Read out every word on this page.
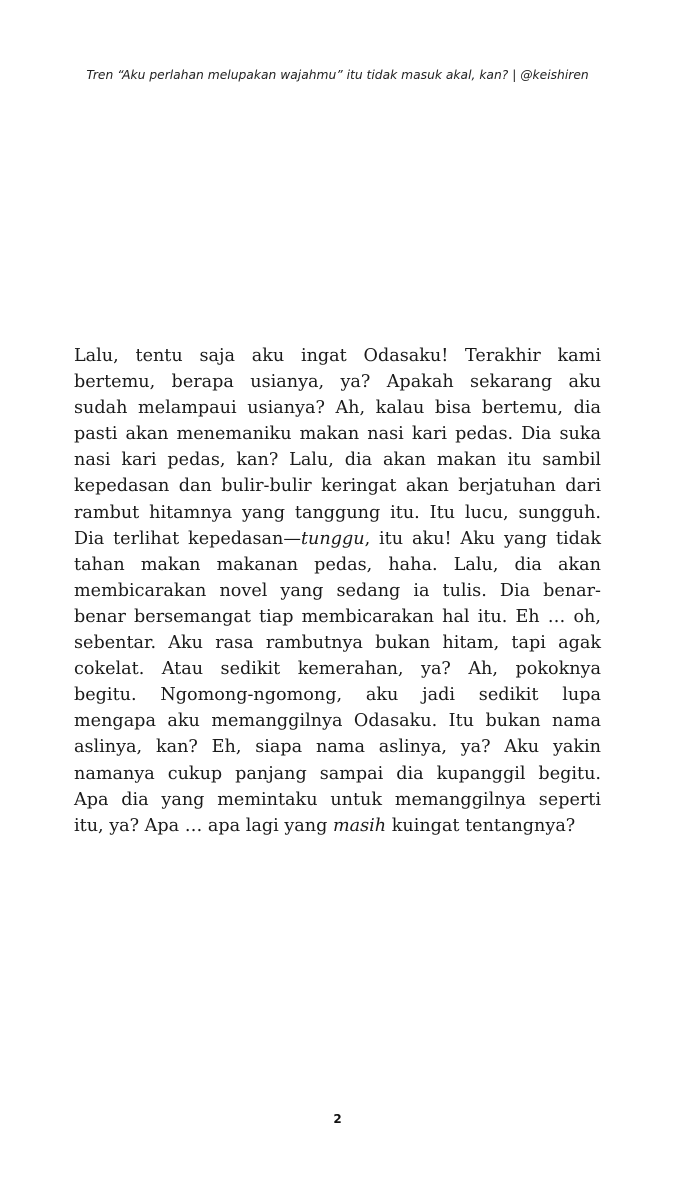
Tren “Aku perlahan melupakan wajahmu” itu tidak masuk akal, kan? | @keishiren
Lalu, tentu saja aku ingat Odasaku! Terakhir kami
bertemu, berapa usianya, ya? Apakah sekarang aku
sudah melampaui usianya? Ah, kalau bisa bertemu, dia
pasti akan menemaniku makan nasi kari pedas. Dia suka
nasi kari pedas, kan? Lalu, dia akan makan itu sambil
kepedasan dan bulir-bulir keringat akan berjatuhan dari
rambut hitamnya yang tanggung itu. Itu lucu, sungguh.
Dia terlihat kepedasan—tunggu, itu aku! Aku yang tidak
tahan makan makanan pedas, haha. Lalu, dia akan
membicarakan novel yang sedang ia tulis. Dia benar-
benar bersemangat tiap membicarakan hal itu. Eh … oh,
sebentar. Aku rasa rambutnya bukan hitam, tapi agak
cokelat. Atau sedikit kemerahan, ya? Ah, pokoknya
begitu. Ngomong-ngomong, aku jadi sedikit lupa
mengapa aku memanggilnya Odasaku. Itu bukan nama
aslinya, kan? Eh, siapa nama aslinya, ya? Aku yakin
namanya cukup panjang sampai dia kupanggil begitu.
Apa dia yang memintaku untuk memanggilnya seperti
itu, ya? Apa … apa lagi yang masih kuingat tentangnya?
2
